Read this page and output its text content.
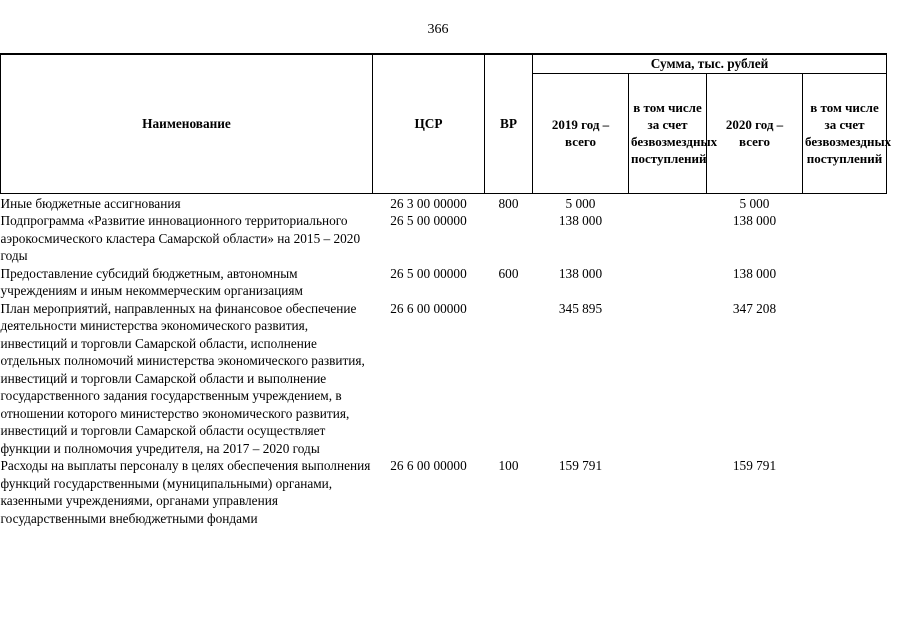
366
Наименование	ЦСР	ВР	Сумма, тыс. рублей			
			2019 год – всего	в том числе за счет безвозмездных поступлений	2020 год – всего	в том числе за счет безвозмездных поступлений
Иные бюджетные ассигнования	26 3 00 00000	800	5 000		5 000	
Подпрограмма «Развитие инновационного территориального аэрокосмического кластера Самарской области» на 2015 – 2020 годы	26 5 00 00000		138 000		138 000	
Предоставление субсидий бюджетным, автономным учреждениям и иным некоммерческим организациям	26 5 00 00000	600	138 000		138 000	
План мероприятий, направленных на финансовое обеспечение деятельности министерства экономического развития, инвестиций и торговли Самарской области, исполнение отдельных полномочий министерства экономического развития, инвестиций и торговли Самарской области и выполнение государственного задания государственным учреждением, в отношении которого министерство экономического развития, инвестиций и торговли Самарской области осуществляет функции и полномочия учредителя, на 2017 – 2020 годы	26 6 00 00000		345 895		347 208	
Расходы на выплаты персоналу в целях обеспечения выполнения функций государственными (муниципальными) органами, казенными учреждениями, органами управления государственными внебюджетными фондами	26 6 00 00000	100	159 791		159 791	
